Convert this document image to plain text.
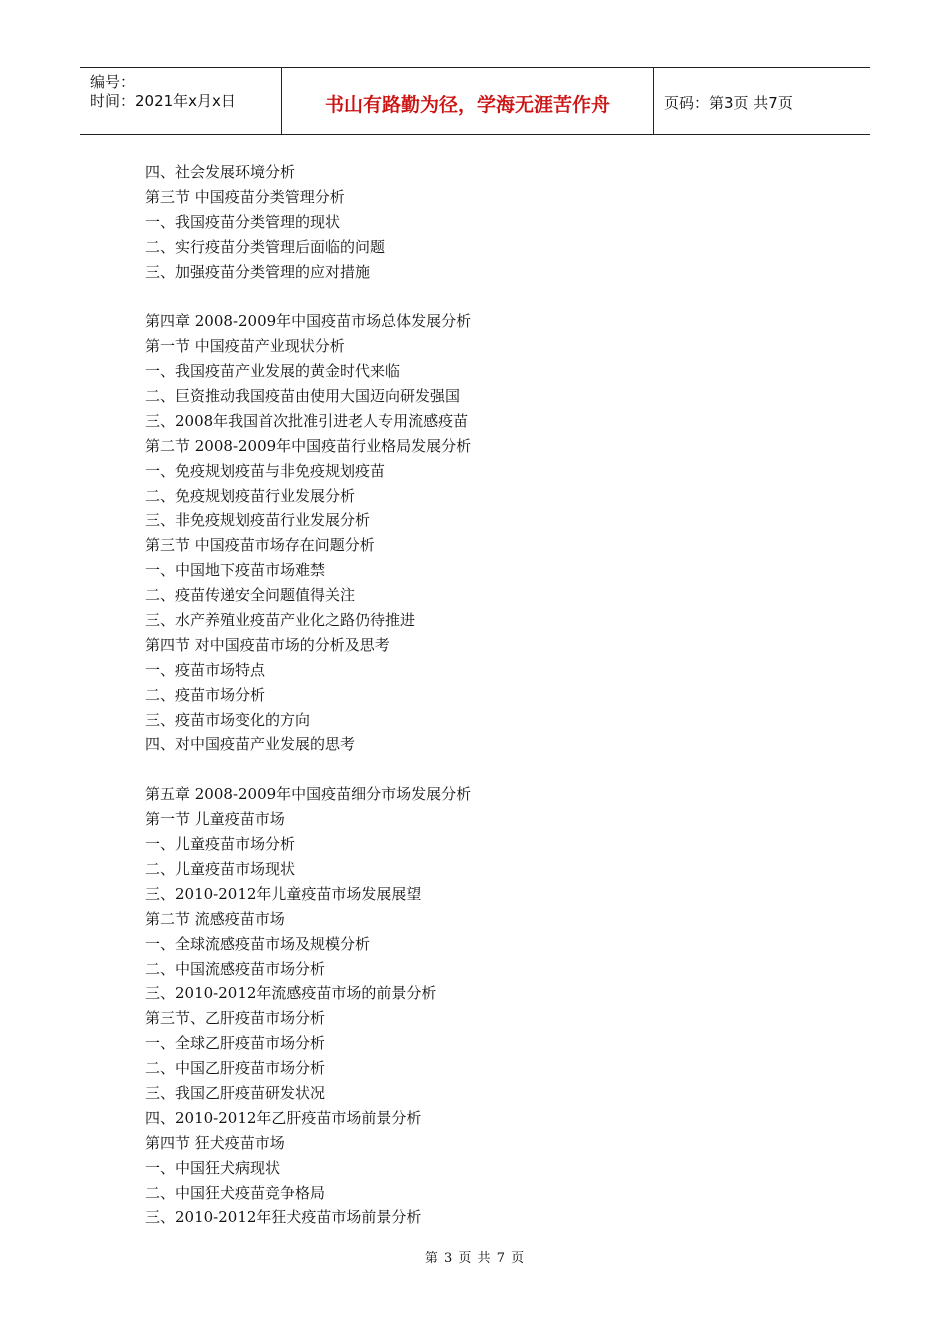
编号：
时间：2021年x月x日	书山有路勤为径，学海无涯苦作舟	页码：第3页 共7页
四、社会发展环境分析
第三节 中国疫苗分类管理分析
一、我国疫苗分类管理的现状
二、实行疫苗分类管理后面临的问题
三、加强疫苗分类管理的应对措施
第四章 2008-2009年中国疫苗市场总体发展分析
第一节 中国疫苗产业现状分析
一、我国疫苗产业发展的黄金时代来临
二、巨资推动我国疫苗由使用大国迈向研发强国
三、2008年我国首次批准引进老人专用流感疫苗
第二节 2008-2009年中国疫苗行业格局发展分析
一、免疫规划疫苗与非免疫规划疫苗
二、免疫规划疫苗行业发展分析
三、非免疫规划疫苗行业发展分析
第三节 中国疫苗市场存在问题分析
一、中国地下疫苗市场难禁
二、疫苗传递安全问题值得关注
三、水产养殖业疫苗产业化之路仍待推进
第四节 对中国疫苗市场的分析及思考
一、疫苗市场特点
二、疫苗市场分析
三、疫苗市场变化的方向
四、对中国疫苗产业发展的思考
第五章 2008-2009年中国疫苗细分市场发展分析
第一节 儿童疫苗市场
一、儿童疫苗市场分析
二、儿童疫苗市场现状
三、2010-2012年儿童疫苗市场发展展望
第二节 流感疫苗市场
一、全球流感疫苗市场及规模分析
二、中国流感疫苗市场分析
三、2010-2012年流感疫苗市场的前景分析
第三节、乙肝疫苗市场分析
一、全球乙肝疫苗市场分析
二、中国乙肝疫苗市场分析
三、我国乙肝疫苗研发状况
四、2010-2012年乙肝疫苗市场前景分析
第四节 狂犬疫苗市场
一、中国狂犬病现状
二、中国狂犬疫苗竞争格局
三、2010-2012年狂犬疫苗市场前景分析
第 3 页 共 7 页
